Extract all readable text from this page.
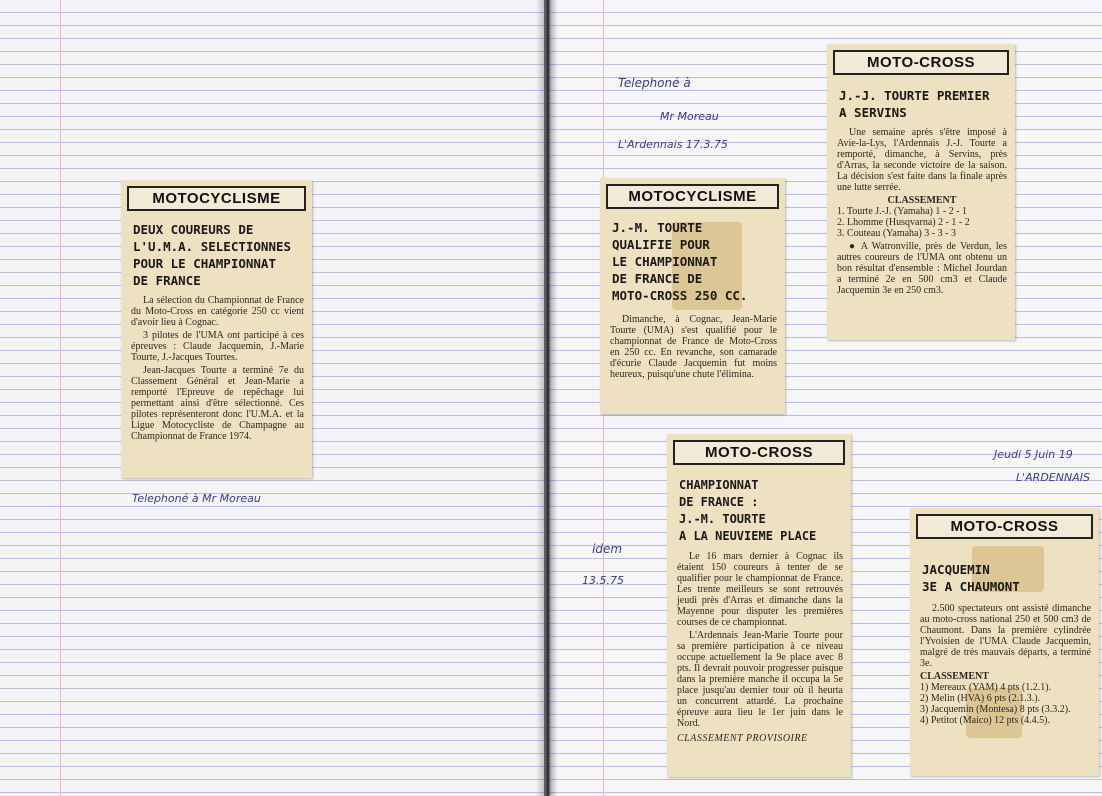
MOTOCYCLISME
DEUX COUREURS DE
L'U.M.A. SELECTIONNES
POUR LE CHAMPIONNAT
DE FRANCE

La sélection du Championnat de France du Moto-Cross en catégorie 250 cc vient d'avoir lieu à Cognac.

3 pilotes de l'UMA ont participé à ces épreuves : Claude Jacquemin, J.-Marie Tourte, J.-Jacques Tourtes.

Jean-Jacques Tourte a terminé 7e du Classement Général et Jean-Marie a remporté l'Epreuve de repêchage lui permettant ainsi d'être sélectionné. Ces pilotes représenteront donc l'U.M.A. et la Ligue Motocycliste de Champagne au Championnat de France 1974.

Telephoné à Mr Moreau
Telephoné à
Mr Moreau
L'Ardennais 17.3.75
MOTOCYCLISME
J.-M. TOURTE
QUALIFIE POUR
LE CHAMPIONNAT
DE FRANCE DE
MOTO-CROSS 250 CC.

Dimanche, à Cognac, Jean-Marie Tourte (UMA) s'est qualifié pour le championnat de France de Moto-Cross en 250 cc. En revanche, son camarade d'écurie Claude Jacquemin fut moins heureux, puisqu'une chute l'élimina.

MOTO-CROSS
J.-J. TOURTE PREMIER
A SERVINS

Une semaine après s'être imposé à Avie-la-Lys, l'Ardennais J.-J. Tourte a remporté, dimanche, à Servins, près d'Arras, la seconde victoire de la saison. La décision s'est faite dans la finale après une lutte serrée.

CLASSEMENT
1. Tourte J.-J. (Yamaha) 1 - 2 - 1
2. Lhomme (Husqvarna) 2 - 1 - 2
3. Couteau (Yamaha) 3 - 3 - 3

● A Watronville, près de Verdun, les autres coureurs de l'UMA ont obtenu un bon résultat d'ensemble : Michel Jourdan a terminé 2e en 500 cm3 et Claude Jacquemin 3e en 250 cm3.

MOTO-CROSS
CHAMPIONNAT
DE FRANCE :
J.-M. TOURTE
A LA NEUVIEME PLACE

Le 16 mars dernier à Cognac ils étaient 150 coureurs à tenter de se qualifier pour le championnat de France. Les trente meilleurs se sont retrouvés jeudi près d'Arras et dimanche dans la Mayenne pour disputer les premières courses de ce championnat.

L'Ardennais Jean-Marie Tourte pour sa première participation à ce niveau occupe actuellement la 9e place avec 8 pts. Il devrait pouvoir progresser puisque dans la première manche il occupa la 5e place jusqu'au dernier tour où il heurta un concurrent attardé. La prochaine épreuve aura lieu le 1er juin dans le Nord.

CLASSEMENT PROVISOIRE
idem
13.5.75
Jeudi 5 Juin 19
L'ARDENNAIS
MOTO-CROSS
JACQUEMIN
3E A CHAUMONT

2.500 spectateurs ont assisté dimanche au moto-cross national 250 et 500 cm3 de Chaumont. Dans la première cylindrée l'Yvoisien de l'UMA Claude Jacquemin, malgré de très mauvais départs, a terminé 3e.

CLASSEMENT
1) Mereaux (YAM) 4 pts (1.2.1).
2) Melin (HVA) 6 pts (2.1.3.).
3) Jacquemin (Montesa) 8 pts (3.3.2).
4) Petitot (Maico) 12 pts (4.4.5).
